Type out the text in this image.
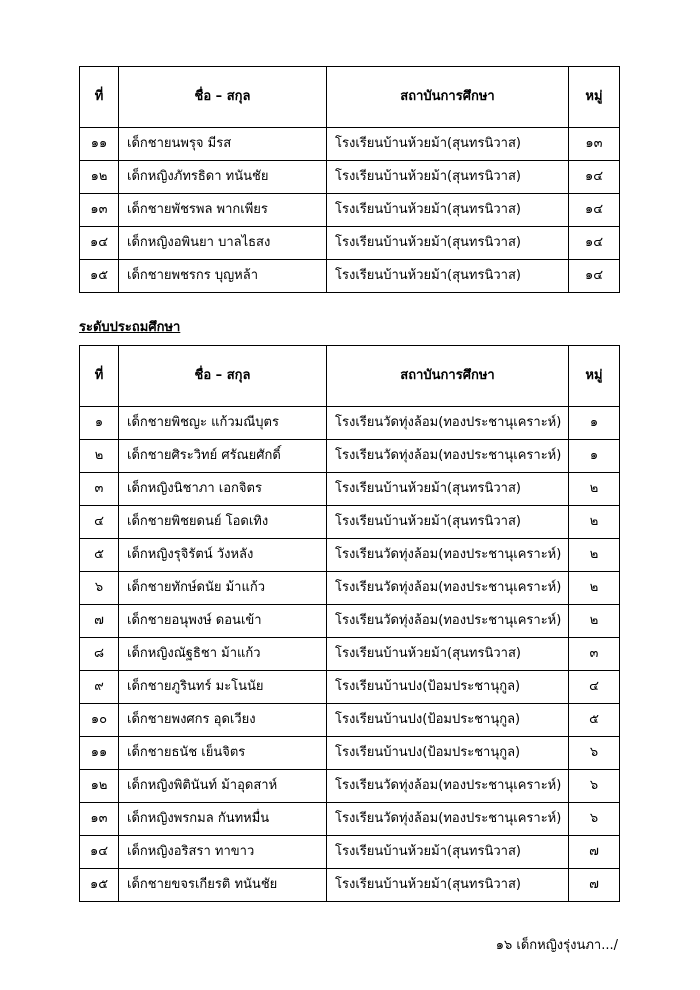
ที่	ชื่อ – สกุล	สถาบันการศึกษา	หมู่
๑๑	เด็กชายนพรุจ มีรส	โรงเรียนบ้านห้วยม้า(สุนทรนิวาส)	๑๓
๑๒	เด็กหญิงภัทรธิดา ทนันชัย	โรงเรียนบ้านห้วยม้า(สุนทรนิวาส)	๑๔
๑๓	เด็กชายพัชรพล พากเพียร	โรงเรียนบ้านห้วยม้า(สุนทรนิวาส)	๑๔
๑๔	เด็กหญิงอพินยา บาลไธสง	โรงเรียนบ้านห้วยม้า(สุนทรนิวาส)	๑๔
๑๕	เด็กชายพชรกร บุญหล้า	โรงเรียนบ้านห้วยม้า(สุนทรนิวาส)	๑๔
ระดับประถมศึกษา
ที่	ชื่อ – สกุล	สถาบันการศึกษา	หมู่
๑	เด็กชายพิชญะ แก้วมณีบุตร	โรงเรียนวัดทุ่งล้อม(ทองประชานุเคราะห์)	๑
๒	เด็กชายศิระวิทย์ ศรัณยศักดิ์	โรงเรียนวัดทุ่งล้อม(ทองประชานุเคราะห์)	๑
๓	เด็กหญิงนิชาภา เอกจิตร	โรงเรียนบ้านห้วยม้า(สุนทรนิวาส)	๒
๔	เด็กชายพิชยดนย์ โอดเทิง	โรงเรียนบ้านห้วยม้า(สุนทรนิวาส)	๒
๕	เด็กหญิงรุจิรัตน์ วังหลัง	โรงเรียนวัดทุ่งล้อม(ทองประชานุเคราะห์)	๒
๖	เด็กชายทักษ์ดนัย ม้าแก้ว	โรงเรียนวัดทุ่งล้อม(ทองประชานุเคราะห์)	๒
๗	เด็กชายอนุพงษ์ ดอนเข้า	โรงเรียนวัดทุ่งล้อม(ทองประชานุเคราะห์)	๒
๘	เด็กหญิงณัฐธิชา ม้าแก้ว	โรงเรียนบ้านห้วยม้า(สุนทรนิวาส)	๓
๙	เด็กชายภูรินทร์ มะโนนัย	โรงเรียนบ้านปง(ป้อมประชานุกูล)	๔
๑๐	เด็กชายพงศกร อุดเวียง	โรงเรียนบ้านปง(ป้อมประชานุกูล)	๕
๑๑	เด็กชายธนัช เย็นจิตร	โรงเรียนบ้านปง(ป้อมประชานุกูล)	๖
๑๒	เด็กหญิงพิตินันท์ ม้าอุดสาห์	โรงเรียนวัดทุ่งล้อม(ทองประชานุเคราะห์)	๖
๑๓	เด็กหญิงพรกมล กันทหมื่น	โรงเรียนวัดทุ่งล้อม(ทองประชานุเคราะห์)	๖
๑๔	เด็กหญิงอริสรา ทาขาว	โรงเรียนบ้านห้วยม้า(สุนทรนิวาส)	๗
๑๕	เด็กชายขจรเกียรติ ทนันชัย	โรงเรียนบ้านห้วยม้า(สุนทรนิวาส)	๗
๑๖ เด็กหญิงรุ่งนภา.../
